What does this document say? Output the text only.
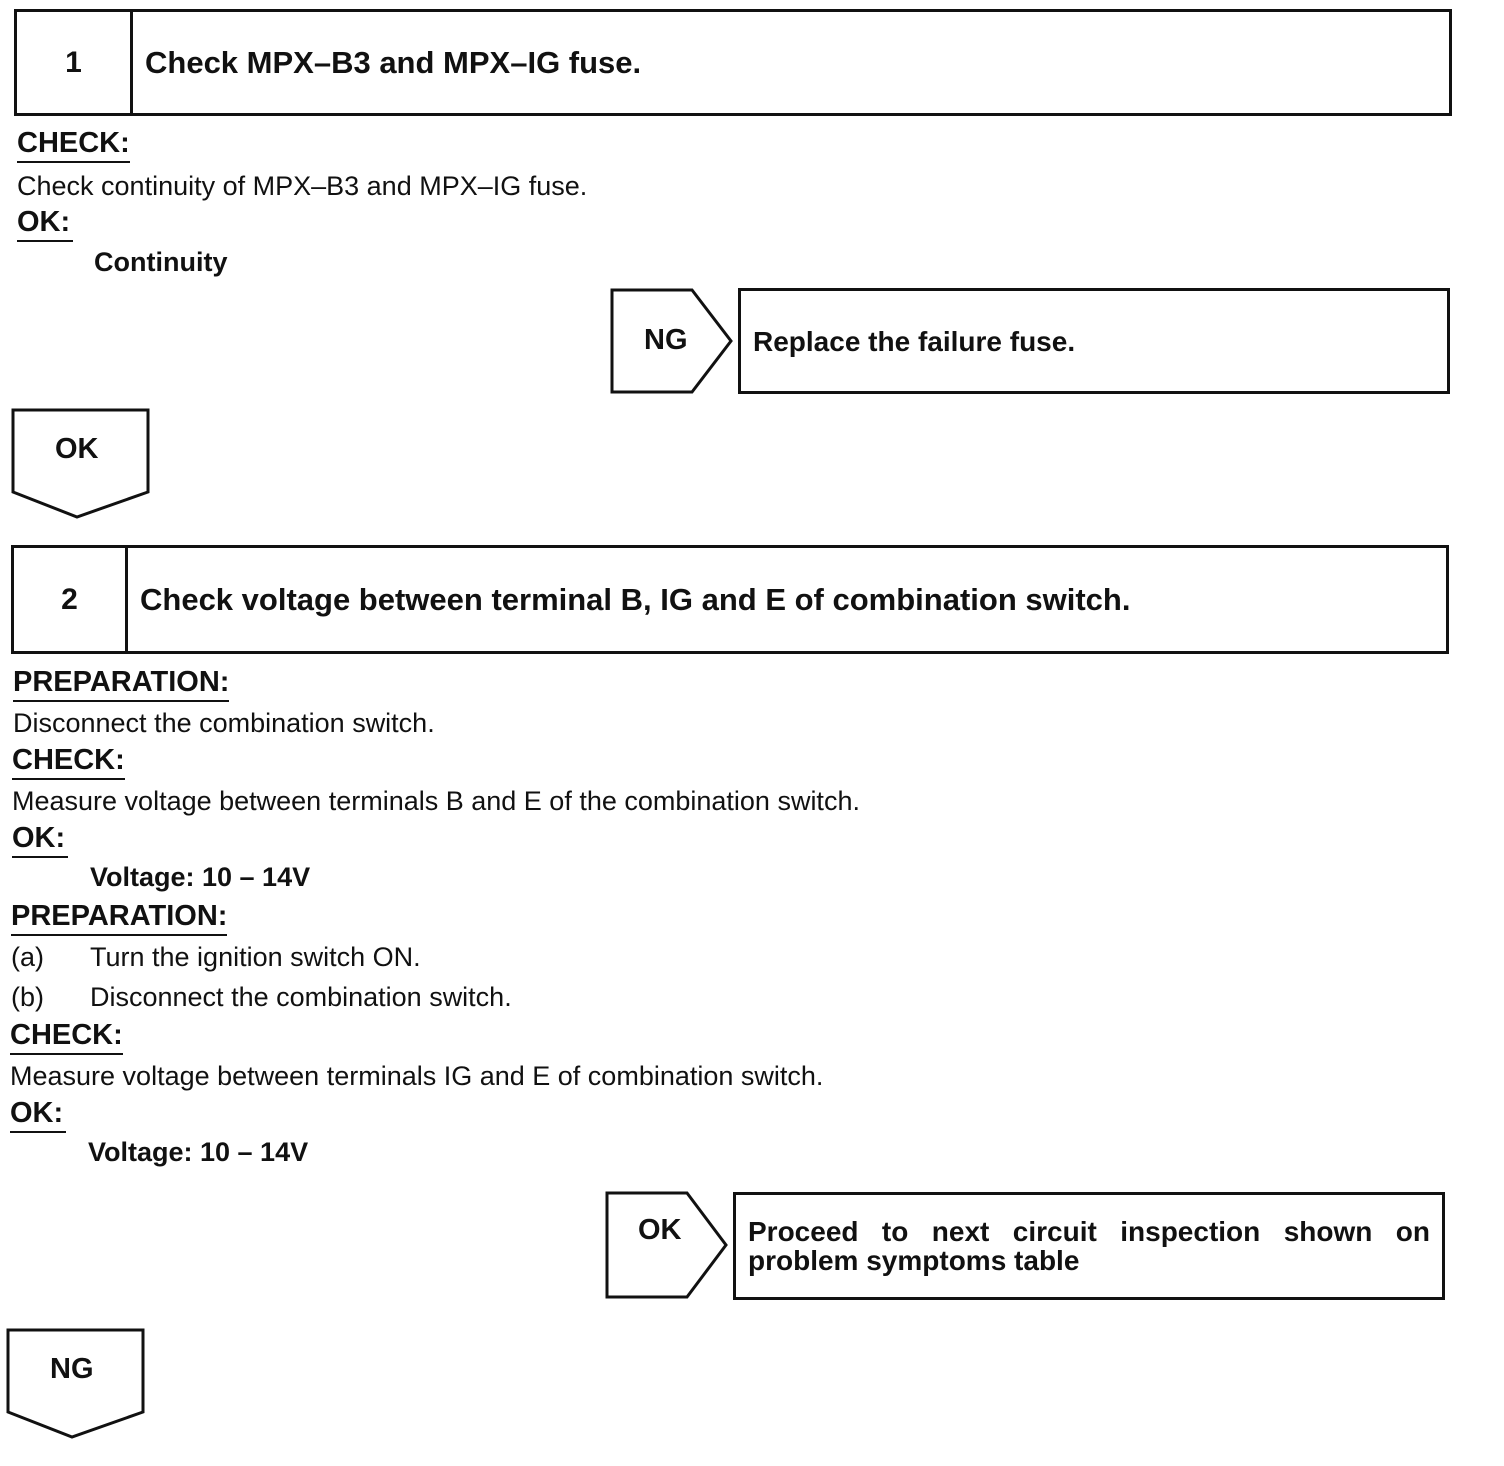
1	Check MPX–B3 and MPX–IG fuse.
CHECK:
Check continuity of MPX–B3 and MPX–IG fuse.
OK:
Continuity
NG Replace the failure fuse.
OK
2	Check voltage between terminal B, IG and E of combination switch.
PREPARATION:
Disconnect the combination switch.
CHECK:
Measure voltage between terminals B and E of the combination switch.
OK:
Voltage: 10 – 14V
PREPARATION:
(a) Turn the ignition switch ON.
(b) Disconnect the combination switch.
CHECK:
Measure voltage between terminals IG and E of combination switch.
OK:
Voltage: 10 – 14V
OK Proceed to next circuit inspection shown on problem symptoms table
NG
